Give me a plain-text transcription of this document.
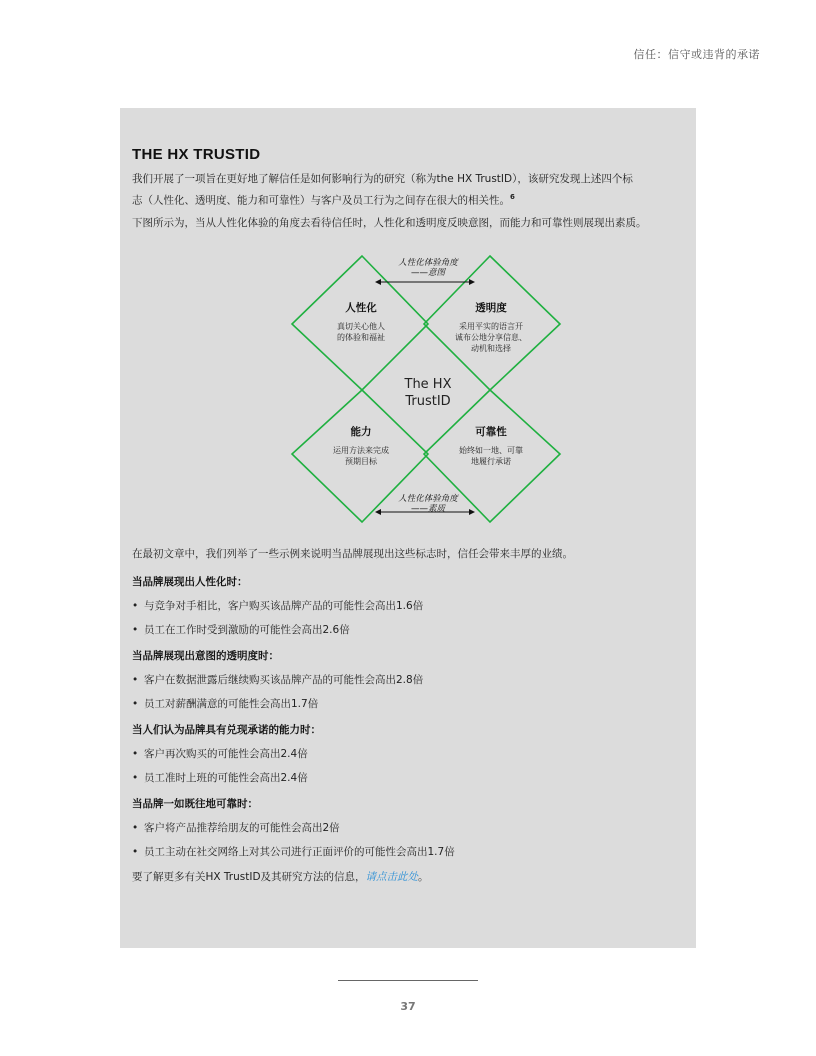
信任：信守或违背的承诺
THE HX TRUSTID
我们开展了一项旨在更好地了解信任是如何影响行为的研究（称为the HX TrustID），该研究发现上述四个标
志（人性化、透明度、能力和可靠性）与客户及员工行为之间存在很大的相关性。$^6$
下图所示为，当从人性化体验的角度去看待信任时，人性化和透明度反映意图，而能力和可靠性则展现出素质。
人性化体验角度
——意图
人性化
真切关心他人
的体验和福祉
透明度
采用平实的语言开
诚布公地分享信息、
动机和选择
The HX
TrustID
能力
运用方法来完成
预期目标
可靠性
始终如一地、可靠
地履行承诺
人性化体验角度
——素质
在最初文章中，我们列举了一些示例来说明当品牌展现出这些标志时，信任会带来丰厚的业绩。
当品牌展现出人性化时：
• 与竞争对手相比，客户购买该品牌产品的可能性会高出1.6倍
• 员工在工作时受到激励的可能性会高出2.6倍
当品牌展现出意图的透明度时：
• 客户在数据泄露后继续购买该品牌产品的可能性会高出2.8倍
• 员工对薪酬满意的可能性会高出1.7倍
当人们认为品牌具有兑现承诺的能力时：
• 客户再次购买的可能性会高出2.4倍
• 员工准时上班的可能性会高出2.4倍
当品牌一如既往地可靠时：
• 客户将产品推荐给朋友的可能性会高出2倍
• 员工主动在社交网络上对其公司进行正面评价的可能性会高出1.7倍
要了解更多有关HX TrustID及其研究方法的信息，请点击此处。
37
